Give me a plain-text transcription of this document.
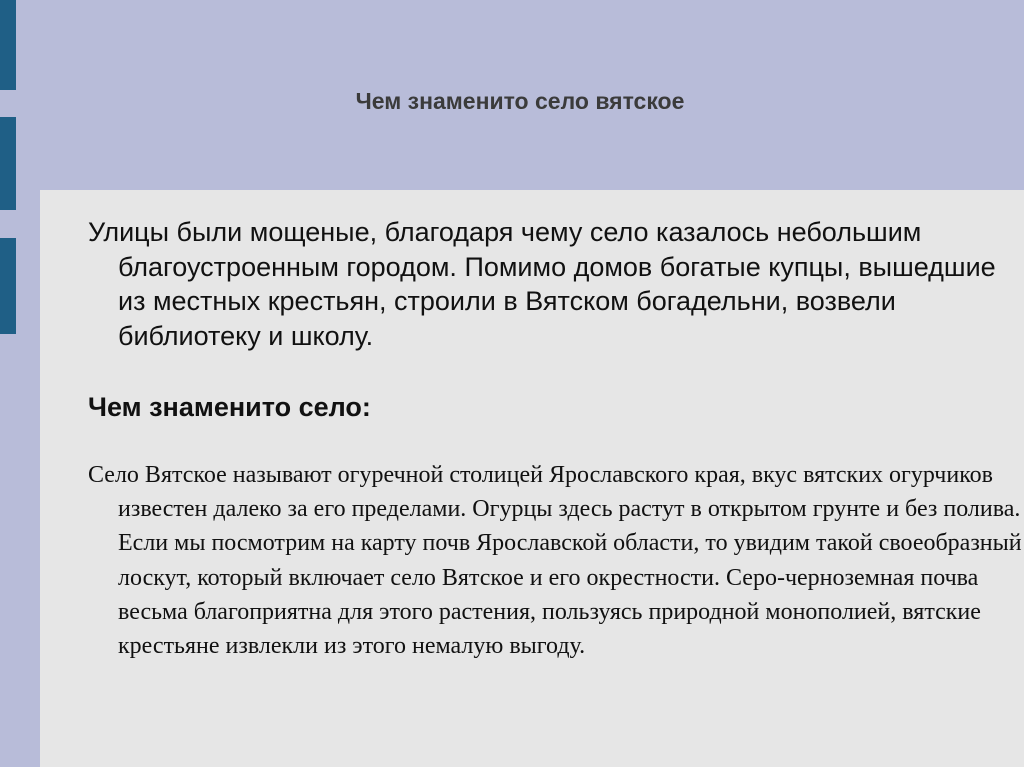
Чем знаменито село вятское

Улицы были мощеные, благодаря чему село казалось небольшим благоустроенным городом. Помимо домов богатые купцы, вышедшие из местных крестьян, строили в Вятском богадельни, возвели библиотеку и школу.

Чем знаменито село:

Село Вятское называют огуречной столицей Ярославского края, вкус вятских огурчиков известен далеко за его пределами. Огурцы здесь растут в открытом грунте и без полива. Если мы посмотрим на карту почв Ярославской области, то увидим такой своеобразный лоскут, который включает село Вятское и его окрестности. Серо-черноземная почва весьма благоприятна для этого растения, пользуясь природной монополией, вятские крестьяне извлекли из этого немалую выгоду.
